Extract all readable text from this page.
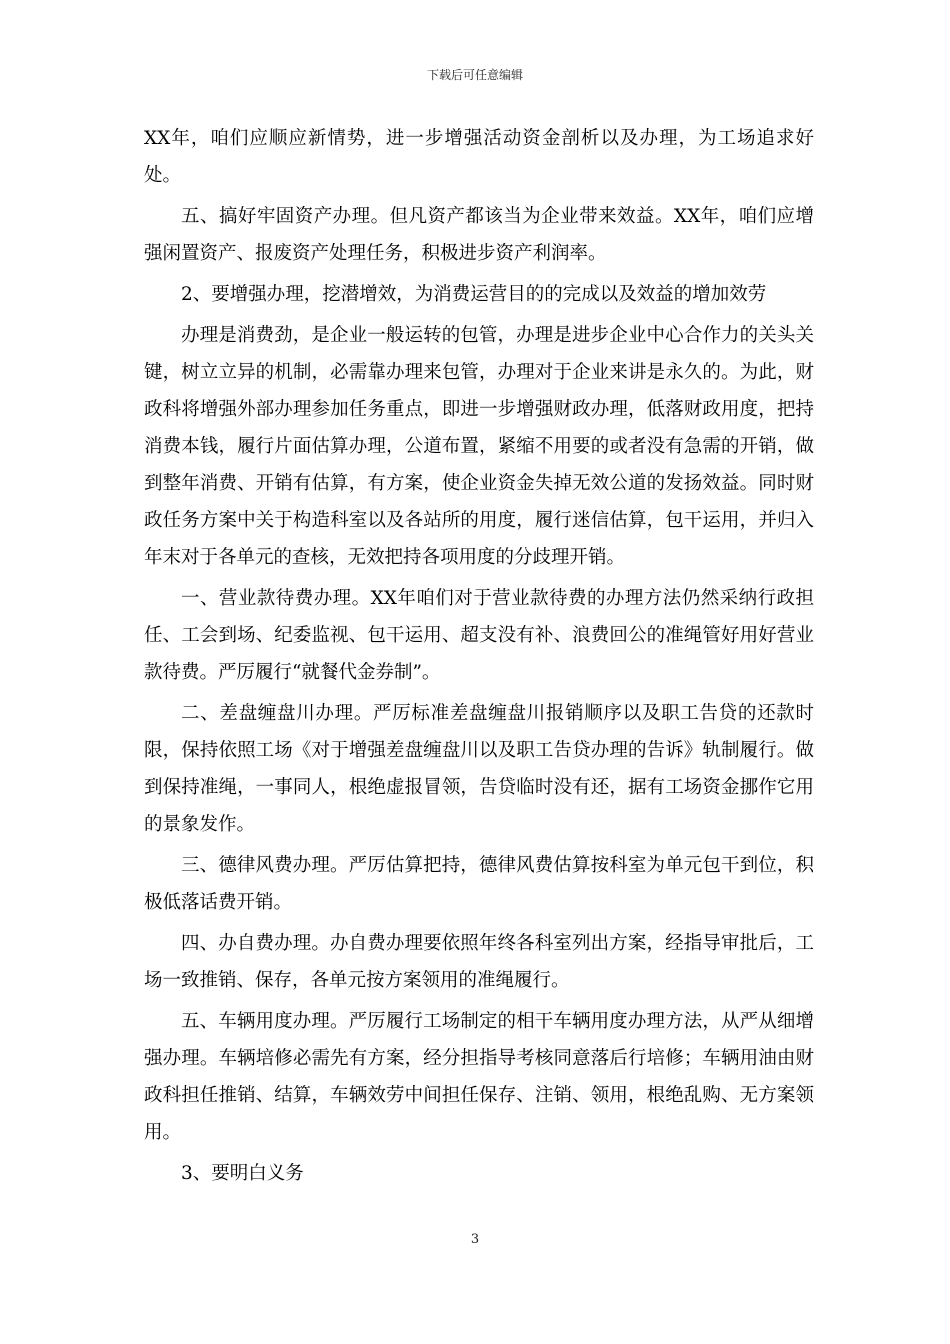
下载后可任意编辑

XX年，咱们应顺应新情势，进一步增强活动资金剖析以及办理，为工场追求好处。

五、搞好牢固资产办理。但凡资产都该当为企业带来效益。XX年，咱们应增强闲置资产、报废资产处理任务，积极进步资产利润率。

2、要增强办理，挖潜增效，为消费运营目的的完成以及效益的增加效劳

办理是消费劲，是企业一般运转的包管，办理是进步企业中心合作力的关头关键，树立立异的机制，必需靠办理来包管，办理对于企业来讲是永久的。为此，财政科将增强外部办理参加任务重点，即进一步增强财政办理，低落财政用度，把持消费本钱，履行片面估算办理，公道布置，紧缩不用要的或者没有急需的开销，做到整年消费、开销有估算，有方案，使企业资金失掉无效公道的发扬效益。同时财政任务方案中关于构造科室以及各站所的用度，履行迷信估算，包干运用，并归入年末对于各单元的查核，无效把持各项用度的分歧理开销。

一、营业款待费办理。XX年咱们对于营业款待费的办理方法仍然采纳行政担任、工会到场、纪委监视、包干运用、超支没有补、浪费回公的准绳管好用好营业款待费。严厉履行“就餐代金券制”。

二、差盘缠盘川办理。严厉标准差盘缠盘川报销顺序以及职工告贷的还款时限，保持依照工场《对于增强差盘缠盘川以及职工告贷办理的告诉》轨制履行。做到保持准绳，一事同人，根绝虚报冒领，告贷临时没有还，据有工场资金挪作它用的景象发作。

三、德律风费办理。严厉估算把持，德律风费估算按科室为单元包干到位，积极低落话费开销。

四、办自费办理。办自费办理要依照年终各科室列出方案，经指导审批后，工场一致推销、保存，各单元按方案领用的准绳履行。

五、车辆用度办理。严厉履行工场制定的相干车辆用度办理方法，从严从细增强办理。车辆培修必需先有方案，经分担指导考核同意落后行培修；车辆用油由财政科担任推销、结算，车辆效劳中间担任保存、注销、领用，根绝乱购、无方案领用。

3、要明白义务

3
